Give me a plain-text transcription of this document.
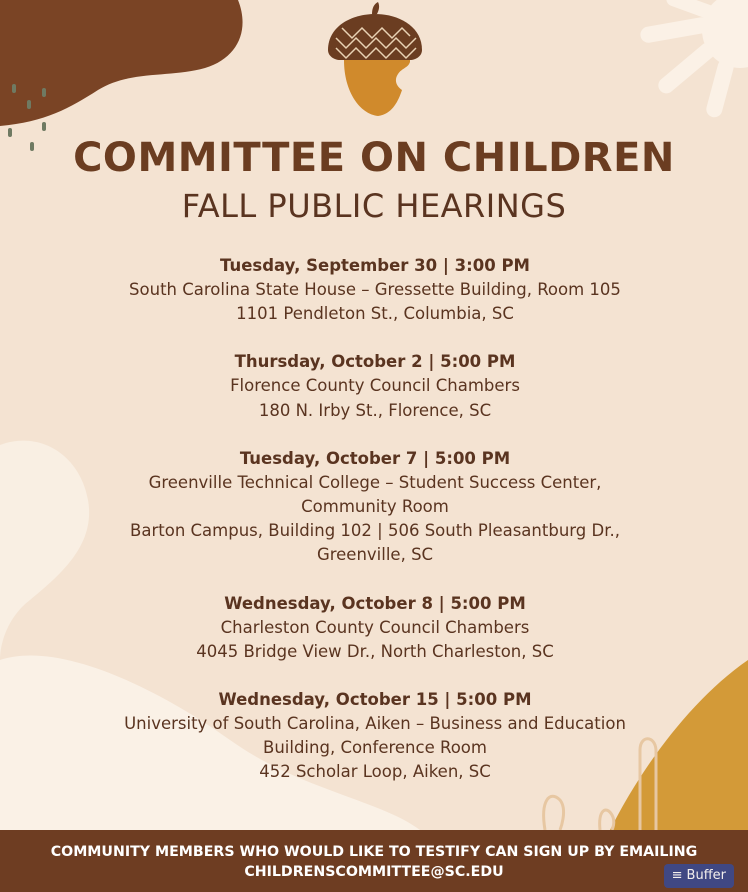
COMMITTEE ON CHILDREN
FALL PUBLIC HEARINGS
Tuesday, September 30 | 3:00 PM
South Carolina State House – Gressette Building, Room 105
1101 Pendleton St., Columbia, SC
Thursday, October 2 | 5:00 PM
Florence County Council Chambers
180 N. Irby St., Florence, SC
Tuesday, October 7 | 5:00 PM
Greenville Technical College – Student Success Center,
Community Room
Barton Campus, Building 102 | 506 South Pleasantburg Dr.,
Greenville, SC
Wednesday, October 8 | 5:00 PM
Charleston County Council Chambers
4045 Bridge View Dr., North Charleston, SC
Wednesday, October 15 | 5:00 PM
University of South Carolina, Aiken – Business and Education
Building, Conference Room
452 Scholar Loop, Aiken, SC
COMMUNITY MEMBERS WHO WOULD LIKE TO TESTIFY CAN SIGN UP BY EMAILING
CHILDRENSCOMMITTEE@SC.EDU	≡ Buffer
